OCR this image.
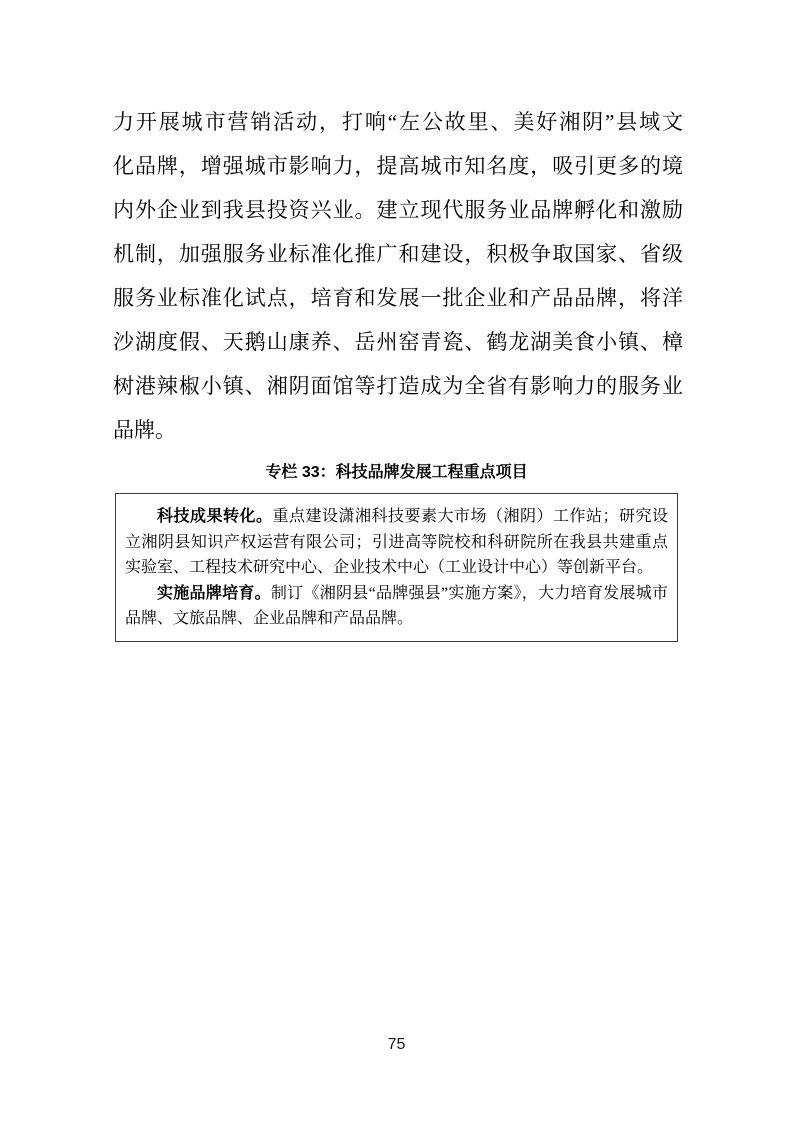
力开展城市营销活动，打响“左公故里、美好湘阴”县域文
化品牌，增强城市影响力，提高城市知名度，吸引更多的境
内外企业到我县投资兴业。建立现代服务业品牌孵化和激励
机制，加强服务业标准化推广和建设，积极争取国家、省级
服务业标准化试点，培育和发展一批企业和产品品牌，将洋
沙湖度假、天鹅山康养、岳州窑青瓷、鹤龙湖美食小镇、樟
树港辣椒小镇、湘阴面馆等打造成为全省有影响力的服务业
品牌。
专栏 33：科技品牌发展工程重点项目

科技成果转化。重点建设潇湘科技要素大市场（湘阴）工作站；研究设立湘阴县知识产权运营有限公司；引进高等院校和科研院所在我县共建重点实验室、工程技术研究中心、企业技术中心（工业设计中心）等创新平台。

实施品牌培育。制订《湘阴县“品牌强县”实施方案》，大力培育发展城市品牌、文旅品牌、企业品牌和产品品牌。

75
